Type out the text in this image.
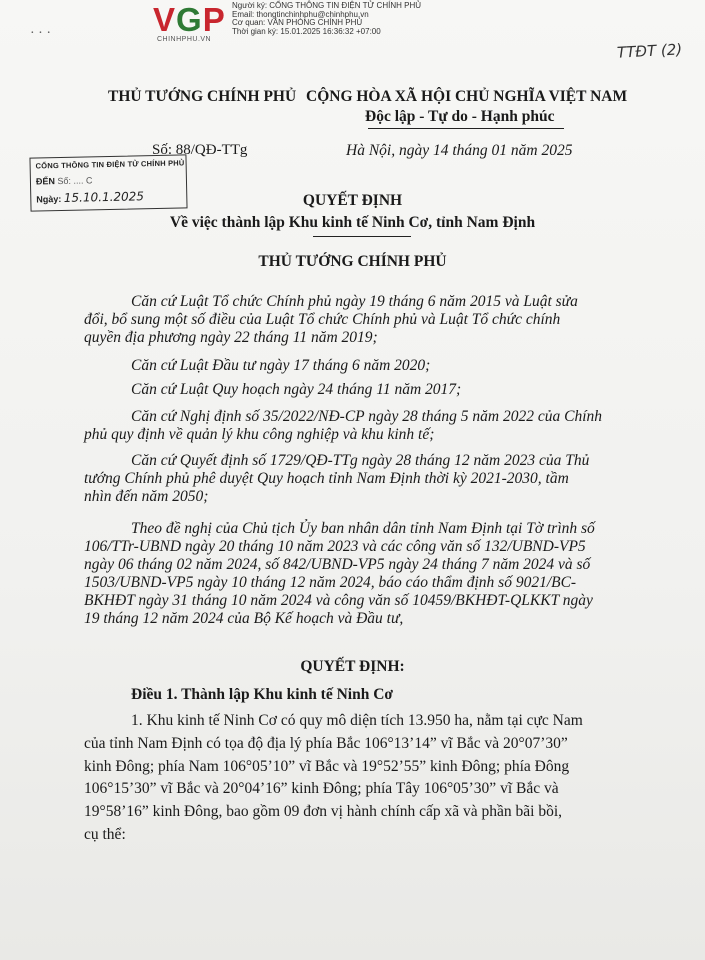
VGP
CHINHPHU.VN
Người ký: CỔNG THÔNG TIN ĐIỆN TỬ CHÍNH PHỦ
Email: thongtinchinhphu@chinhphu.vn
Cơ quan: VĂN PHÒNG CHÍNH PHỦ
Thời gian ký: 15.01.2025 16:36:32 +07:00
· · ·
TTĐT (2)
THỦ TƯỚNG CHÍNH PHỦ CỘNG HÒA XÃ HỘI CHỦ NGHĨA VIỆT NAM
Độc lập - Tự do - Hạnh phúc
Số: 88/QĐ-TTg	Hà Nội, ngày 14 tháng 01 năm 2025
CỔNG THÔNG TIN ĐIỆN TỬ CHÍNH PHỦ
ĐẾN Số: .... C
Ngày: 15.10.1.2025	QUYẾT ĐỊNH
Về việc thành lập Khu kinh tế Ninh Cơ, tỉnh Nam Định
THỦ TƯỚNG CHÍNH PHỦ
Căn cứ Luật Tổ chức Chính phủ ngày 19 tháng 6 năm 2015 và Luật sửa
đổi, bổ sung một số điều của Luật Tổ chức Chính phủ và Luật Tổ chức chính
quyền địa phương ngày 22 tháng 11 năm 2019;
Căn cứ Luật Đầu tư ngày 17 tháng 6 năm 2020;
Căn cứ Luật Quy hoạch ngày 24 tháng 11 năm 2017;
Căn cứ Nghị định số 35/2022/NĐ-CP ngày 28 tháng 5 năm 2022 của Chính
phủ quy định về quản lý khu công nghiệp và khu kinh tế;
Căn cứ Quyết định số 1729/QĐ-TTg ngày 28 tháng 12 năm 2023 của Thủ
tướng Chính phủ phê duyệt Quy hoạch tỉnh Nam Định thời kỳ 2021-2030, tầm
nhìn đến năm 2050;
Theo đề nghị của Chủ tịch Ủy ban nhân dân tỉnh Nam Định tại Tờ trình số
106/TTr-UBND ngày 20 tháng 10 năm 2023 và các công văn số 132/UBND-VP5
ngày 06 tháng 02 năm 2024, số 842/UBND-VP5 ngày 24 tháng 7 năm 2024 và số
1503/UBND-VP5 ngày 10 tháng 12 năm 2024, báo cáo thẩm định số 9021/BC-
BKHĐT ngày 31 tháng 10 năm 2024 và công văn số 10459/BKHĐT-QLKKT ngày
19 tháng 12 năm 2024 của Bộ Kế hoạch và Đầu tư,
QUYẾT ĐỊNH:
Điều 1. Thành lập Khu kinh tế Ninh Cơ
1. Khu kinh tế Ninh Cơ có quy mô diện tích 13.950 ha, nằm tại cực Nam
của tỉnh Nam Định có tọa độ địa lý phía Bắc 106°13’14” vĩ Bắc và 20°07’30”
kinh Đông; phía Nam 106°05’10” vĩ Bắc và 19°52’55” kinh Đông; phía Đông
106°15’30” vĩ Bắc và 20°04’16” kinh Đông; phía Tây 106°05’30” vĩ Bắc và
19°58’16” kinh Đông, bao gồm 09 đơn vị hành chính cấp xã và phần bãi bồi,
cụ thể:
